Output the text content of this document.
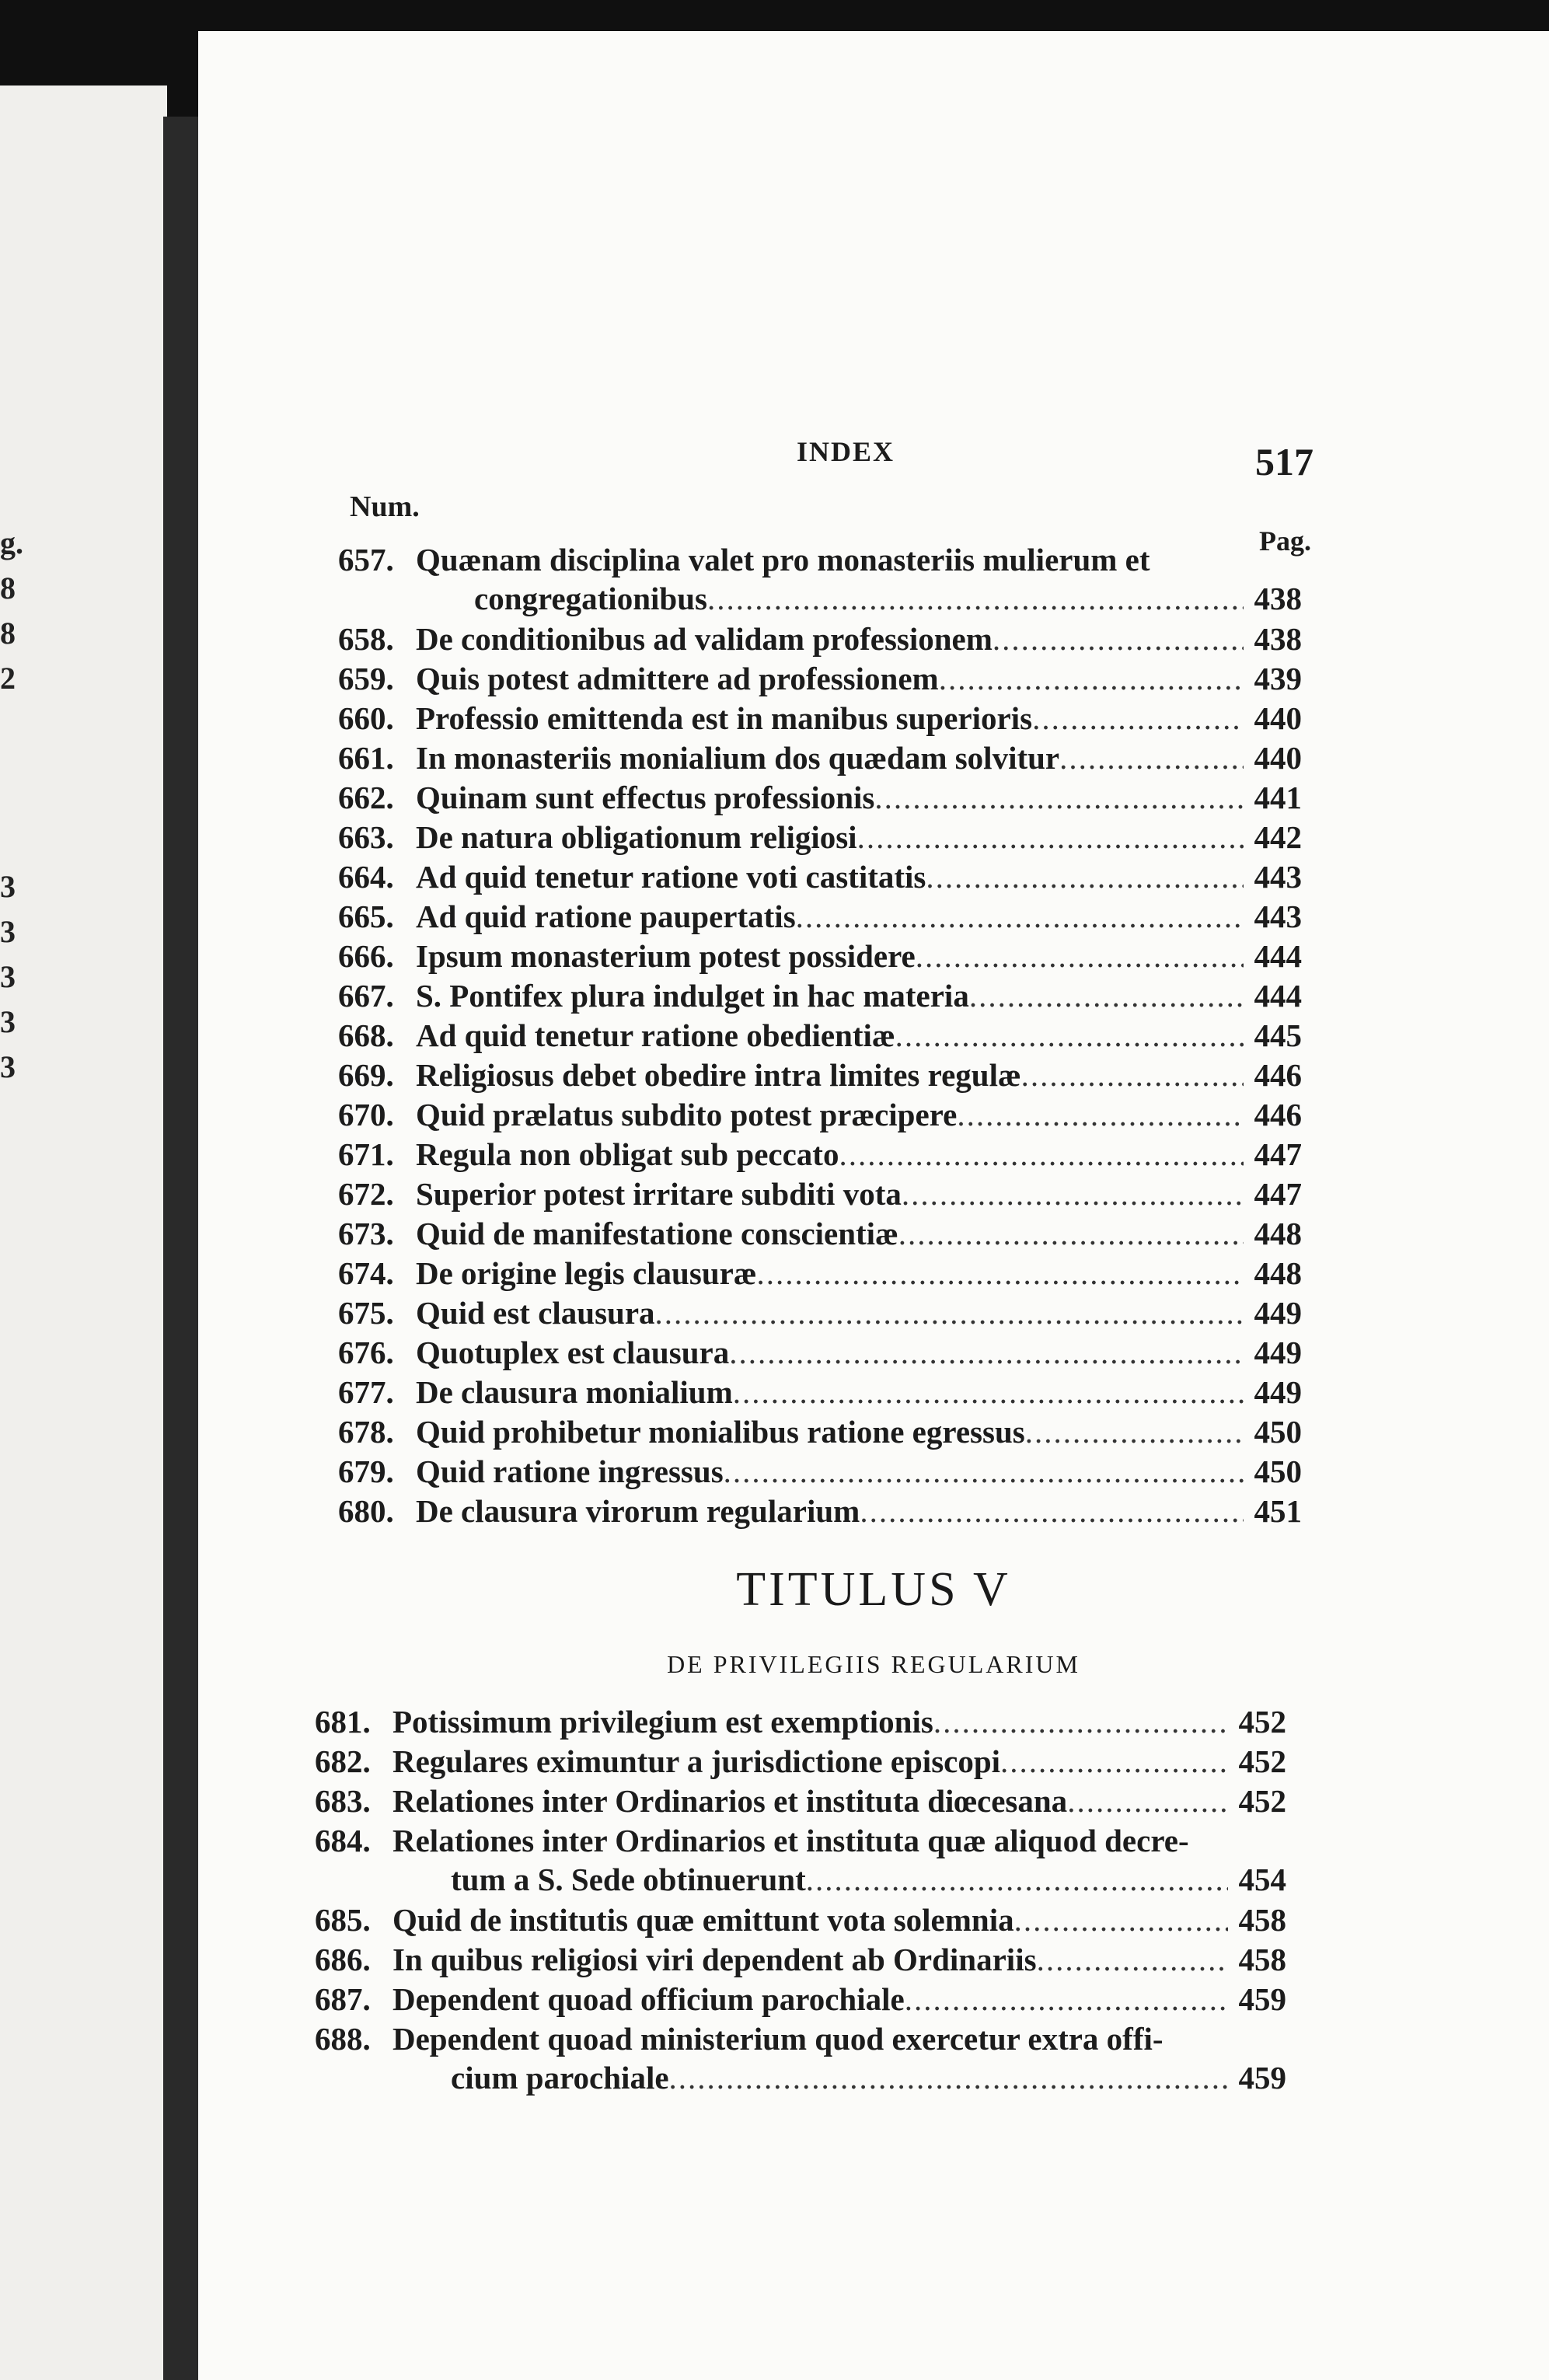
g.
8
8
2
3
3
3
3
3
INDEX	517
Num.
Pag.
657. Quænam disciplina valet pro monasteriis mulierum et
congregationibus .....	438
658. De conditionibus ad validam professionem .....	438
659. Quis potest admittere ad professionem .....	439
660. Professio emittenda est in manibus superioris .....	440
661. In monasteriis monialium dos quædam solvitur .....	440
662. Quinam sunt effectus professionis .....	441
663. De natura obligationum religiosi .....	442
664. Ad quid tenetur ratione voti castitatis .....	443
665. Ad quid ratione paupertatis .....	443
666. Ipsum monasterium potest possidere .....	444
667. S. Pontifex plura indulget in hac materia .....	444
668. Ad quid tenetur ratione obedientiæ .....	445
669. Religiosus debet obedire intra limites regulæ .....	446
670. Quid prælatus subdito potest præcipere .....	446
671. Regula non obligat sub peccato .....	447
672. Superior potest irritare subditi vota .....	447
673. Quid de manifestatione conscientiæ .....	448
674. De origine legis clausuræ .....	448
675. Quid est clausura .....	449
676. Quotuplex est clausura .....	449
677. De clausura monialium .....	449
678. Quid prohibetur monialibus ratione egressus .....	450
679. Quid ratione ingressus .....	450
680. De clausura virorum regularium .....	451
TITULUS V
DE PRIVILEGIIS REGULARIUM
681. Potissimum privilegium est exemptionis .....	452
682. Regulares eximuntur a jurisdictione episcopi .....	452
683. Relationes inter Ordinarios et instituta diœcesana .....	452
684. Relationes inter Ordinarios et instituta quæ aliquod decre-
tum a S. Sede obtinuerunt .....	454
685. Quid de institutis quæ emittunt vota solemnia .....	458
686. In quibus religiosi viri dependent ab Ordinariis .....	458
687. Dependent quoad officium parochiale .....	459
688. Dependent quoad ministerium quod exercetur extra offi-
cium parochiale .....	459
